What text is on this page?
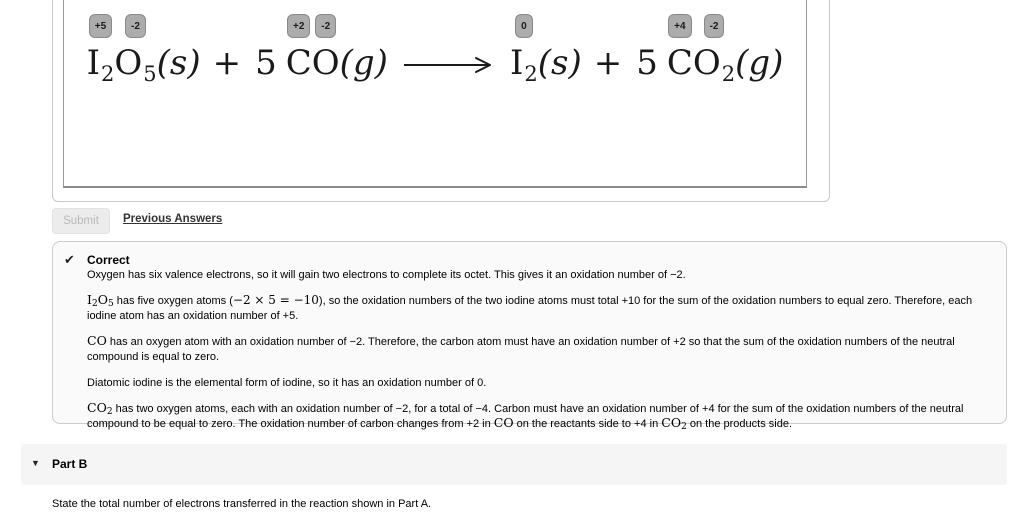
+5
$I_2$
-2
$O_5$ (s) + 5
+2
C
-2
O (g)
0
$I_2$ (s) + 5
+4
C
-2
$O_2$ (g)
Submit	Previous Answers
✔ Correct

Oxygen has six valence electrons, so it will gain two electrons to complete its octet. This gives it an oxidation number of −2.

$I_2O_5$ has five oxygen atoms (−2 × 5 = −10), so the oxidation numbers of the two iodine atoms must total +10 for the sum of the oxidation numbers to equal zero. Therefore, each iodine atom has an oxidation number of +5.

CO has an oxygen atom with an oxidation number of −2. Therefore, the carbon atom must have an oxidation number of +2 so that the sum of the oxidation numbers of the neutral compound is equal to zero.

Diatomic iodine is the elemental form of iodine, so it has an oxidation number of 0.

$CO_2$ has two oxygen atoms, each with an oxidation number of −2, for a total of −4. Carbon must have an oxidation number of +4 for the sum of the oxidation numbers of the neutral compound to be equal to zero. The oxidation number of carbon changes from +2 in CO on the reactants side to +4 in $CO_2$ on the products side.

▼ Part B
State the total number of electrons transferred in the reaction shown in Part A.
